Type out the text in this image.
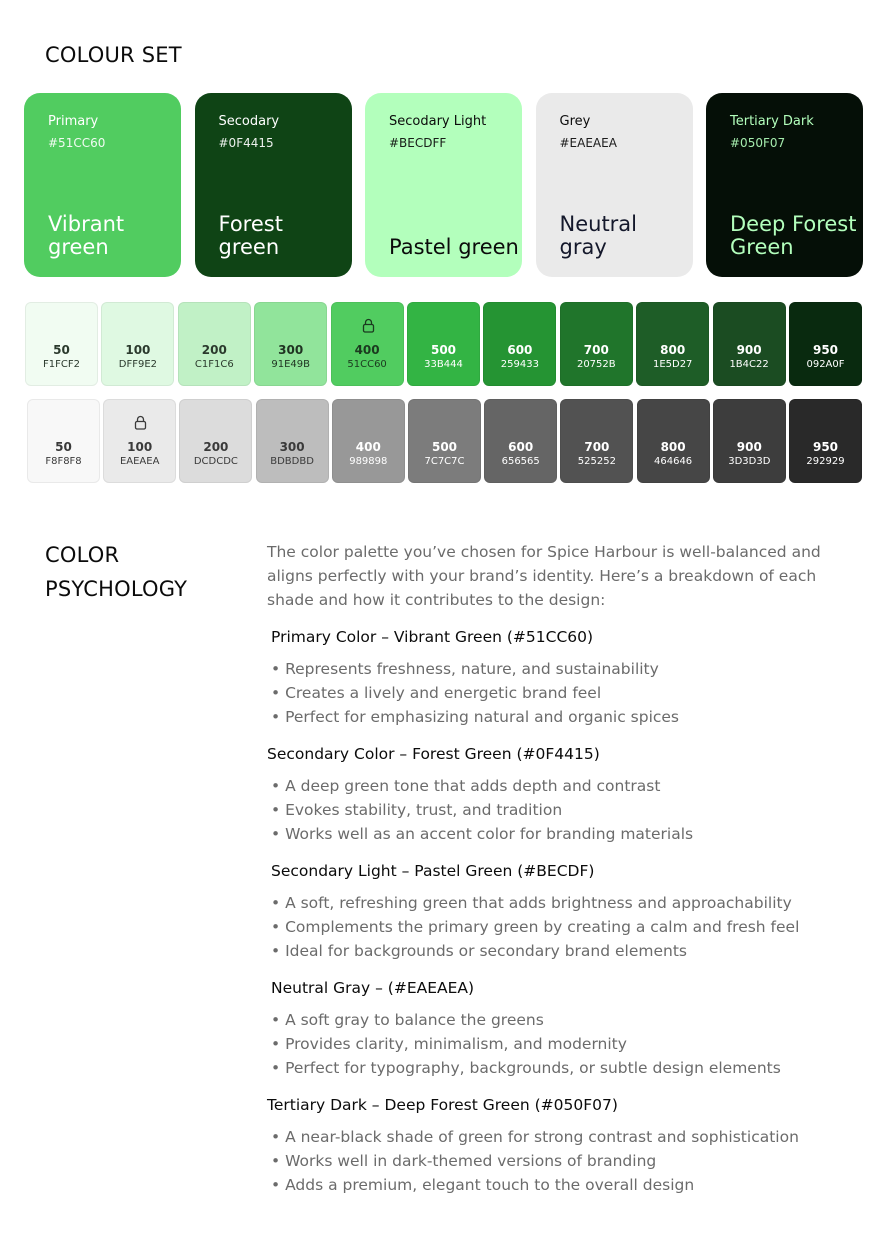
COLOUR SET
Primary
#51CC60
Vibrant green
Secodary
#0F4415
Forest green
Secodary Light
#BECDFF
Pastel green
Grey
#EAEAEA
Neutral gray
Tertiary Dark
#050F07
Deep Forest Green
50
F1FCF2
100
DFF9E2
200
C1F1C6
300
91E49B
400
51CC60
500
33B444
600
259433
700
20752B
800
1E5D27
900
1B4C22
950
092A0F
50
F8F8F8
100
EAEAEA
200
DCDCDC
300
BDBDBD
400
989898
500
7C7C7C
600
656565
700
525252
800
464646
900
3D3D3D
950
292929
COLOR PSYCHOLOGY
The color palette you’ve chosen for Spice Harbour is well-balanced and aligns perfectly with your brand’s identity. Here’s a breakdown of each shade and how it contributes to the design:
Primary Color – Vibrant Green (#51CC60)
• Represents freshness, nature, and sustainability
• Creates a lively and energetic brand feel
• Perfect for emphasizing natural and organic spices
Secondary Color – Forest Green (#0F4415)
• A deep green tone that adds depth and contrast
• Evokes stability, trust, and tradition
• Works well as an accent color for branding materials
Secondary Light – Pastel Green (#BECDF)
• A soft, refreshing green that adds brightness and approachability
• Complements the primary green by creating a calm and fresh feel
• Ideal for backgrounds or secondary brand elements
Neutral Gray – (#EAEAEA)
• A soft gray to balance the greens
• Provides clarity, minimalism, and modernity
• Perfect for typography, backgrounds, or subtle design elements
Tertiary Dark – Deep Forest Green (#050F07)
• A near-black shade of green for strong contrast and sophistication
• Works well in dark-themed versions of branding
• Adds a premium, elegant touch to the overall design
